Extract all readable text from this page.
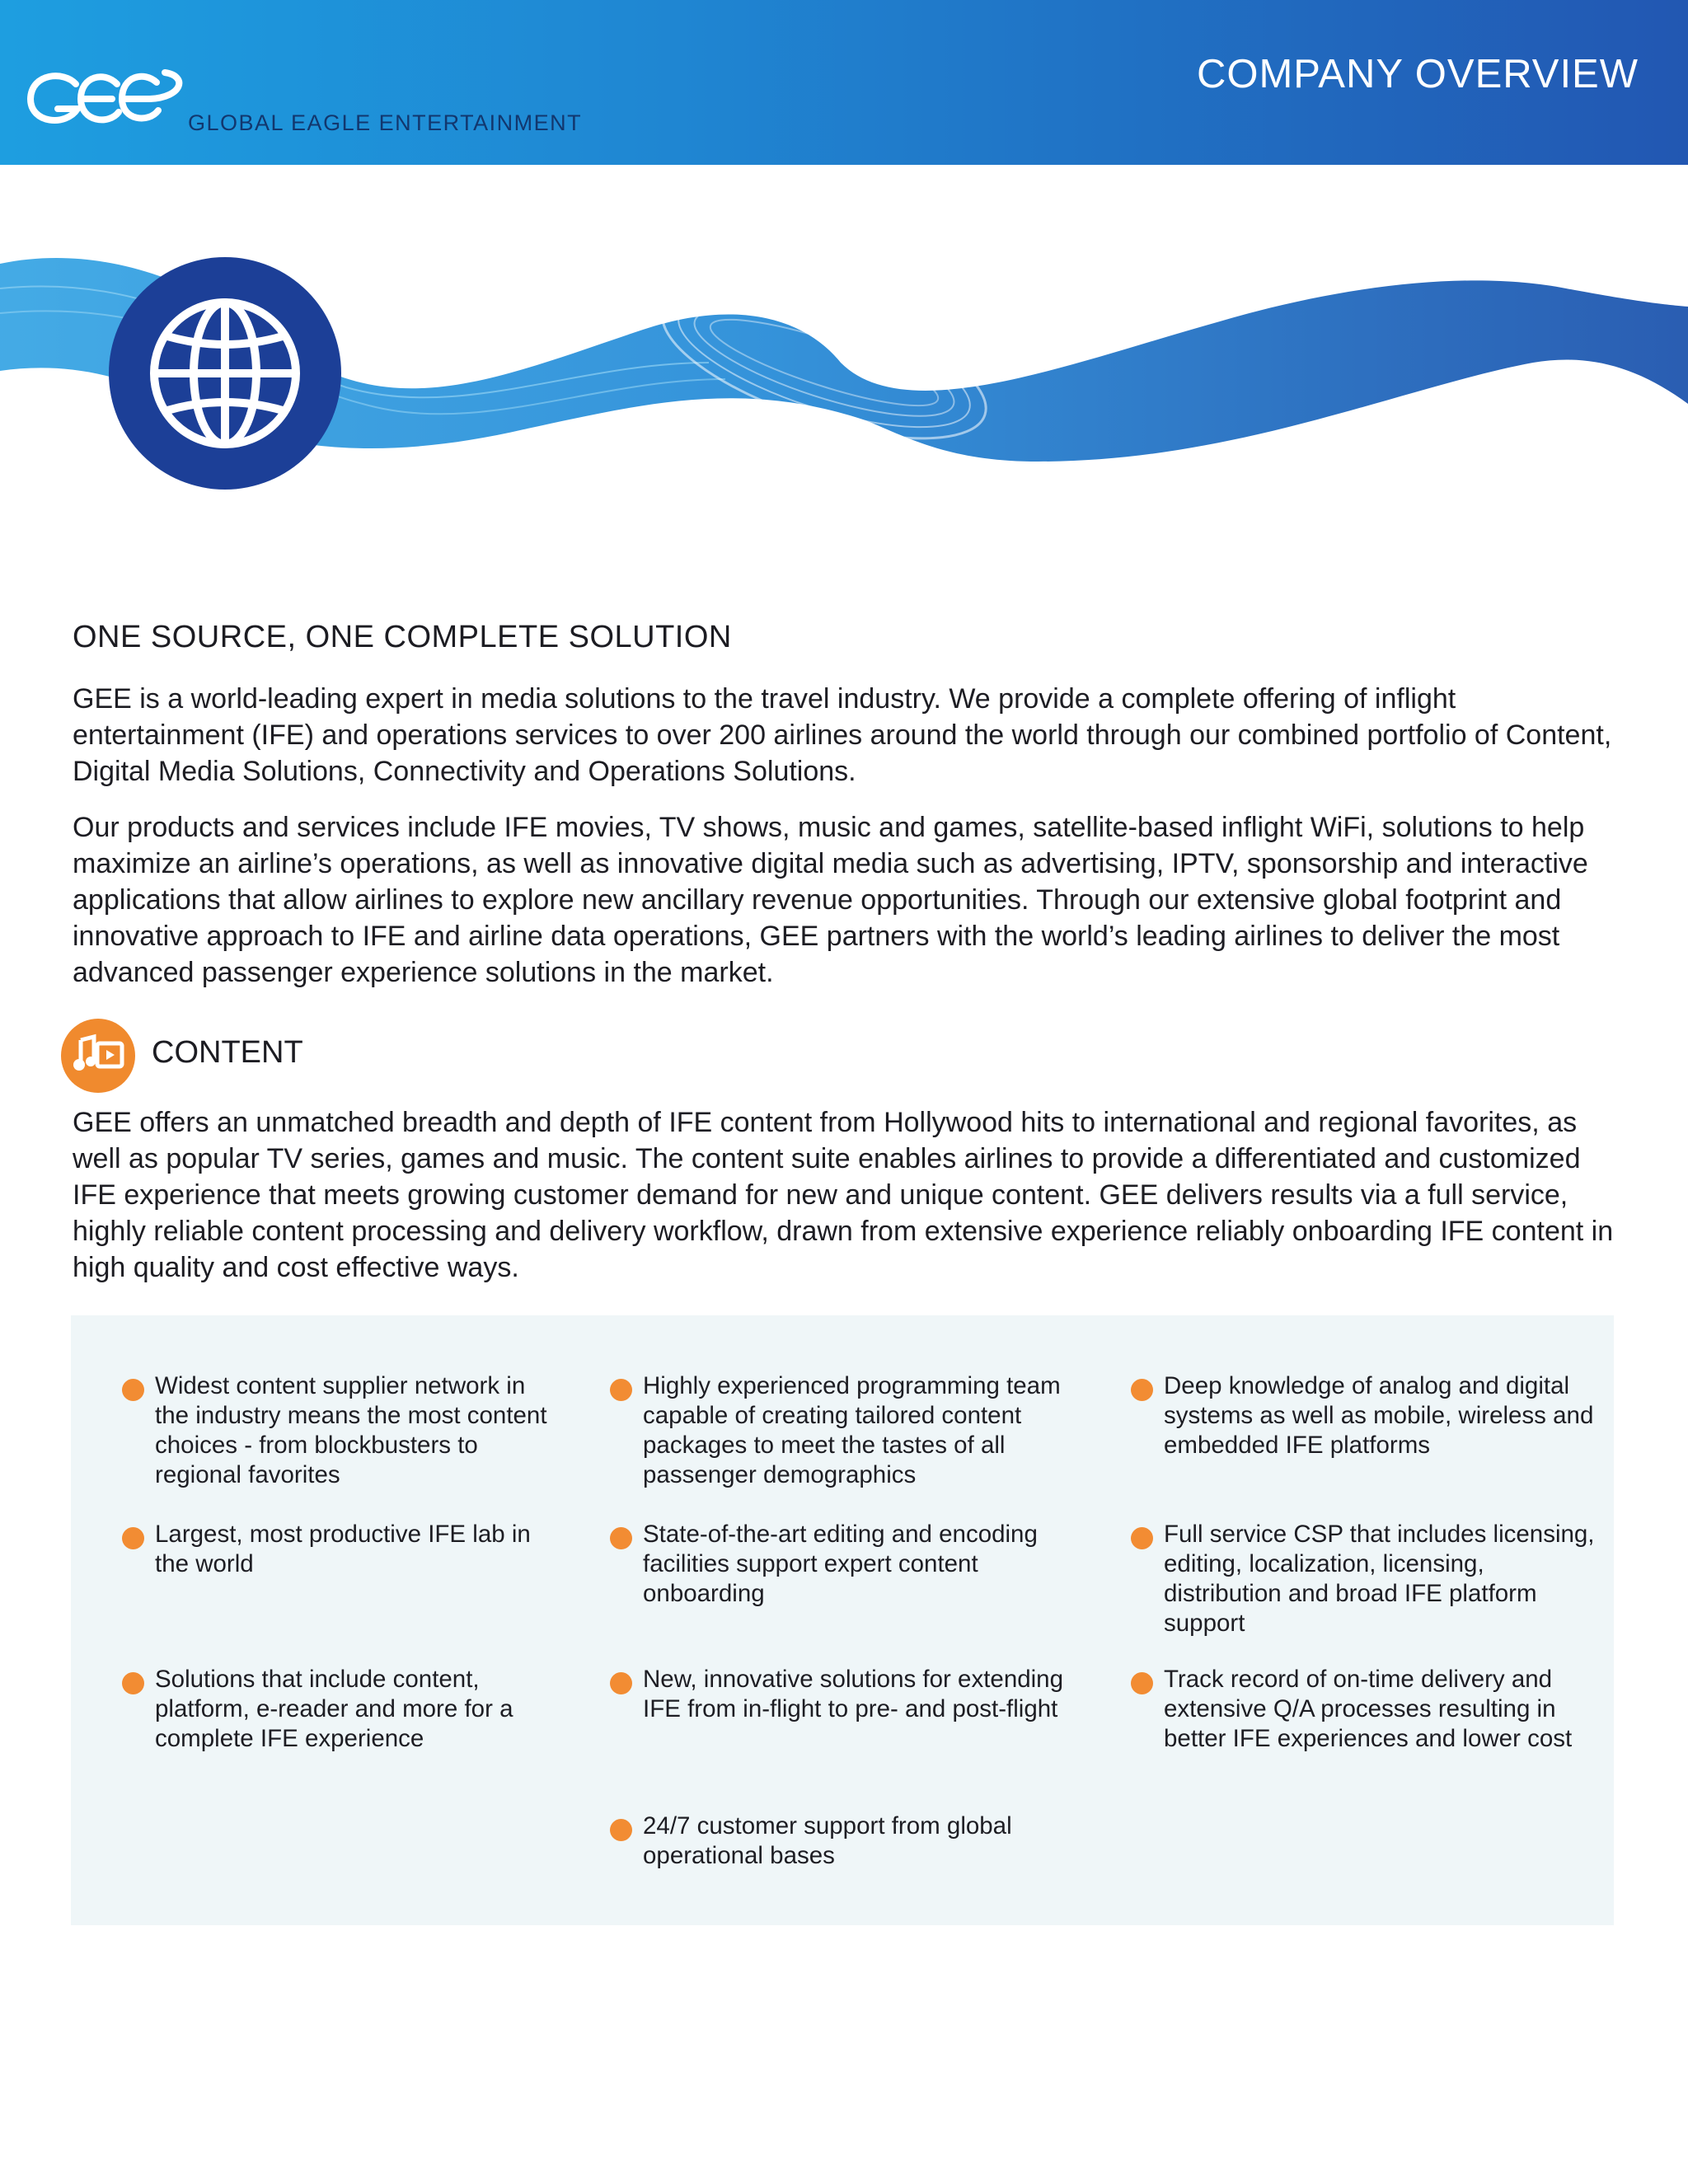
GLOBAL EAGLE ENTERTAINMENT
COMPANY OVERVIEW
ONE SOURCE, ONE COMPLETE SOLUTION

GEE is a world-leading expert in media solutions to the travel industry. We provide a complete offering of inflight entertainment (IFE) and operations services to over 200 airlines around the world through our combined portfolio of Content, Digital Media Solutions, Connectivity and Operations Solutions.

Our products and services include IFE movies, TV shows, music and games, satellite-based inflight WiFi, solutions to help maximize an airline’s operations, as well as innovative digital media such as advertising, IPTV, sponsorship and interactive applications that allow airlines to explore new ancillary revenue opportunities. Through our extensive global footprint and innovative approach to IFE and airline data operations, GEE partners with the world’s leading airlines to deliver the most advanced passenger experience solutions in the market.

CONTENT

GEE offers an unmatched breadth and depth of IFE content from Hollywood hits to international and regional favorites, as well as popular TV series, games and music. The content suite enables airlines to provide a differentiated and customized IFE experience that meets growing customer demand for new and unique content. GEE delivers results via a full service, highly reliable content processing and delivery workflow, drawn from extensive experience reliably onboarding IFE content in high quality and cost effective ways.

Widest content supplier network in the industry means the most content choices - from blockbusters to regional favorites

Largest, most productive IFE lab in the world

Solutions that include content, platform, e-reader and more for a complete IFE experience

Highly experienced programming team capable of creating tailored content packages to meet the tastes of all passenger demographics

State-of-the-art editing and encoding facilities support expert content onboarding

New, innovative solutions for extending IFE from in-flight to pre- and post-flight

24/7 customer support from global operational bases

Deep knowledge of analog and digital systems as well as mobile, wireless and embedded IFE platforms

Full service CSP that includes licensing, editing, localization, licensing, distribution and broad IFE platform support

Track record of on-time delivery and extensive Q/A processes resulting in better IFE experiences and lower cost
